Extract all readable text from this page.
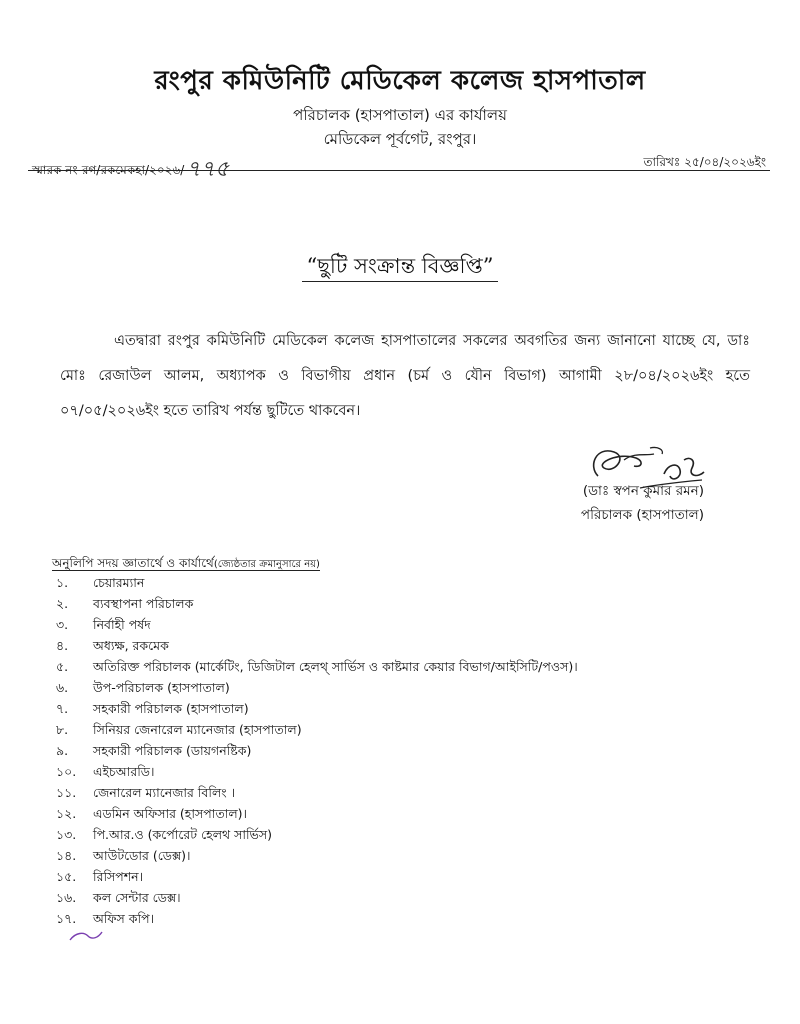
রংপুর কমিউনিটি মেডিকেল কলেজ হাসপাতাল
পরিচালক (হাসপাতাল) এর কার্যালয়
মেডিকেল পূর্বগেট, রংপুর।
স্মারক নং-রগ/রকমেকহা/২০২৬/৭৭৫	তারিখঃ ২৫/০৪/২০২৬ইং
“ছুটি সংক্রান্ত বিজ্ঞপ্তি”

এতদ্বারা রংপুর কমিউনিটি মেডিকেল কলেজ হাসপাতালের সকলের অবগতির জন্য জানানো যাচ্ছে যে, ডাঃ মোঃ রেজাউল আলম, অধ্যাপক ও বিভাগীয় প্রধান (চর্ম ও যৌন বিভাগ) আগামী ২৮/০৪/২০২৬ইং হতে ০৭/০৫/২০২৬ইং হতে তারিখ পর্যন্ত ছুটিতে থাকবেন।

(ডাঃ স্বপন কুমার রমন)
পরিচালক (হাসপাতাল)
অনুলিপি সদয় জ্ঞাতার্থে ও কার্যার্থে(জ্যেষ্ঠতার ক্রমানুসারে নয়)
১.	চেয়ারম্যান
২.	ব্যবস্থাপনা পরিচালক
৩.	নির্বাহী পর্ষদ
৪.	অধ্যক্ষ, রকমেক
৫.	অতিরিক্ত পরিচালক (মার্কেটিং, ডিজিটাল হেলথ্ সার্ভিস ও কাষ্টমার কেয়ার বিভাগ/আইসিটি/পওস)।
৬.	উপ-পরিচালক (হাসপাতাল)
৭.	সহকারী পরিচালক (হাসপাতাল)
৮.	সিনিয়র জেনারেল ম্যানেজার (হাসপাতাল)
৯.	সহকারী পরিচালক (ডায়গনষ্টিক)
১০.	এইচআরডি।
১১.	জেনারেল ম্যানেজার বিলিং ।
১২.	এডমিন অফিসার (হাসপাতাল)।
১৩.	পি.আর.ও (কর্পোরেট হেলথ সার্ভিস)
১৪.	আউটডোর (ডেক্স)।
১৫.	রিসিপশন।
১৬.	কল সেন্টার ডেক্স।
১৭.	অফিস কপি।
